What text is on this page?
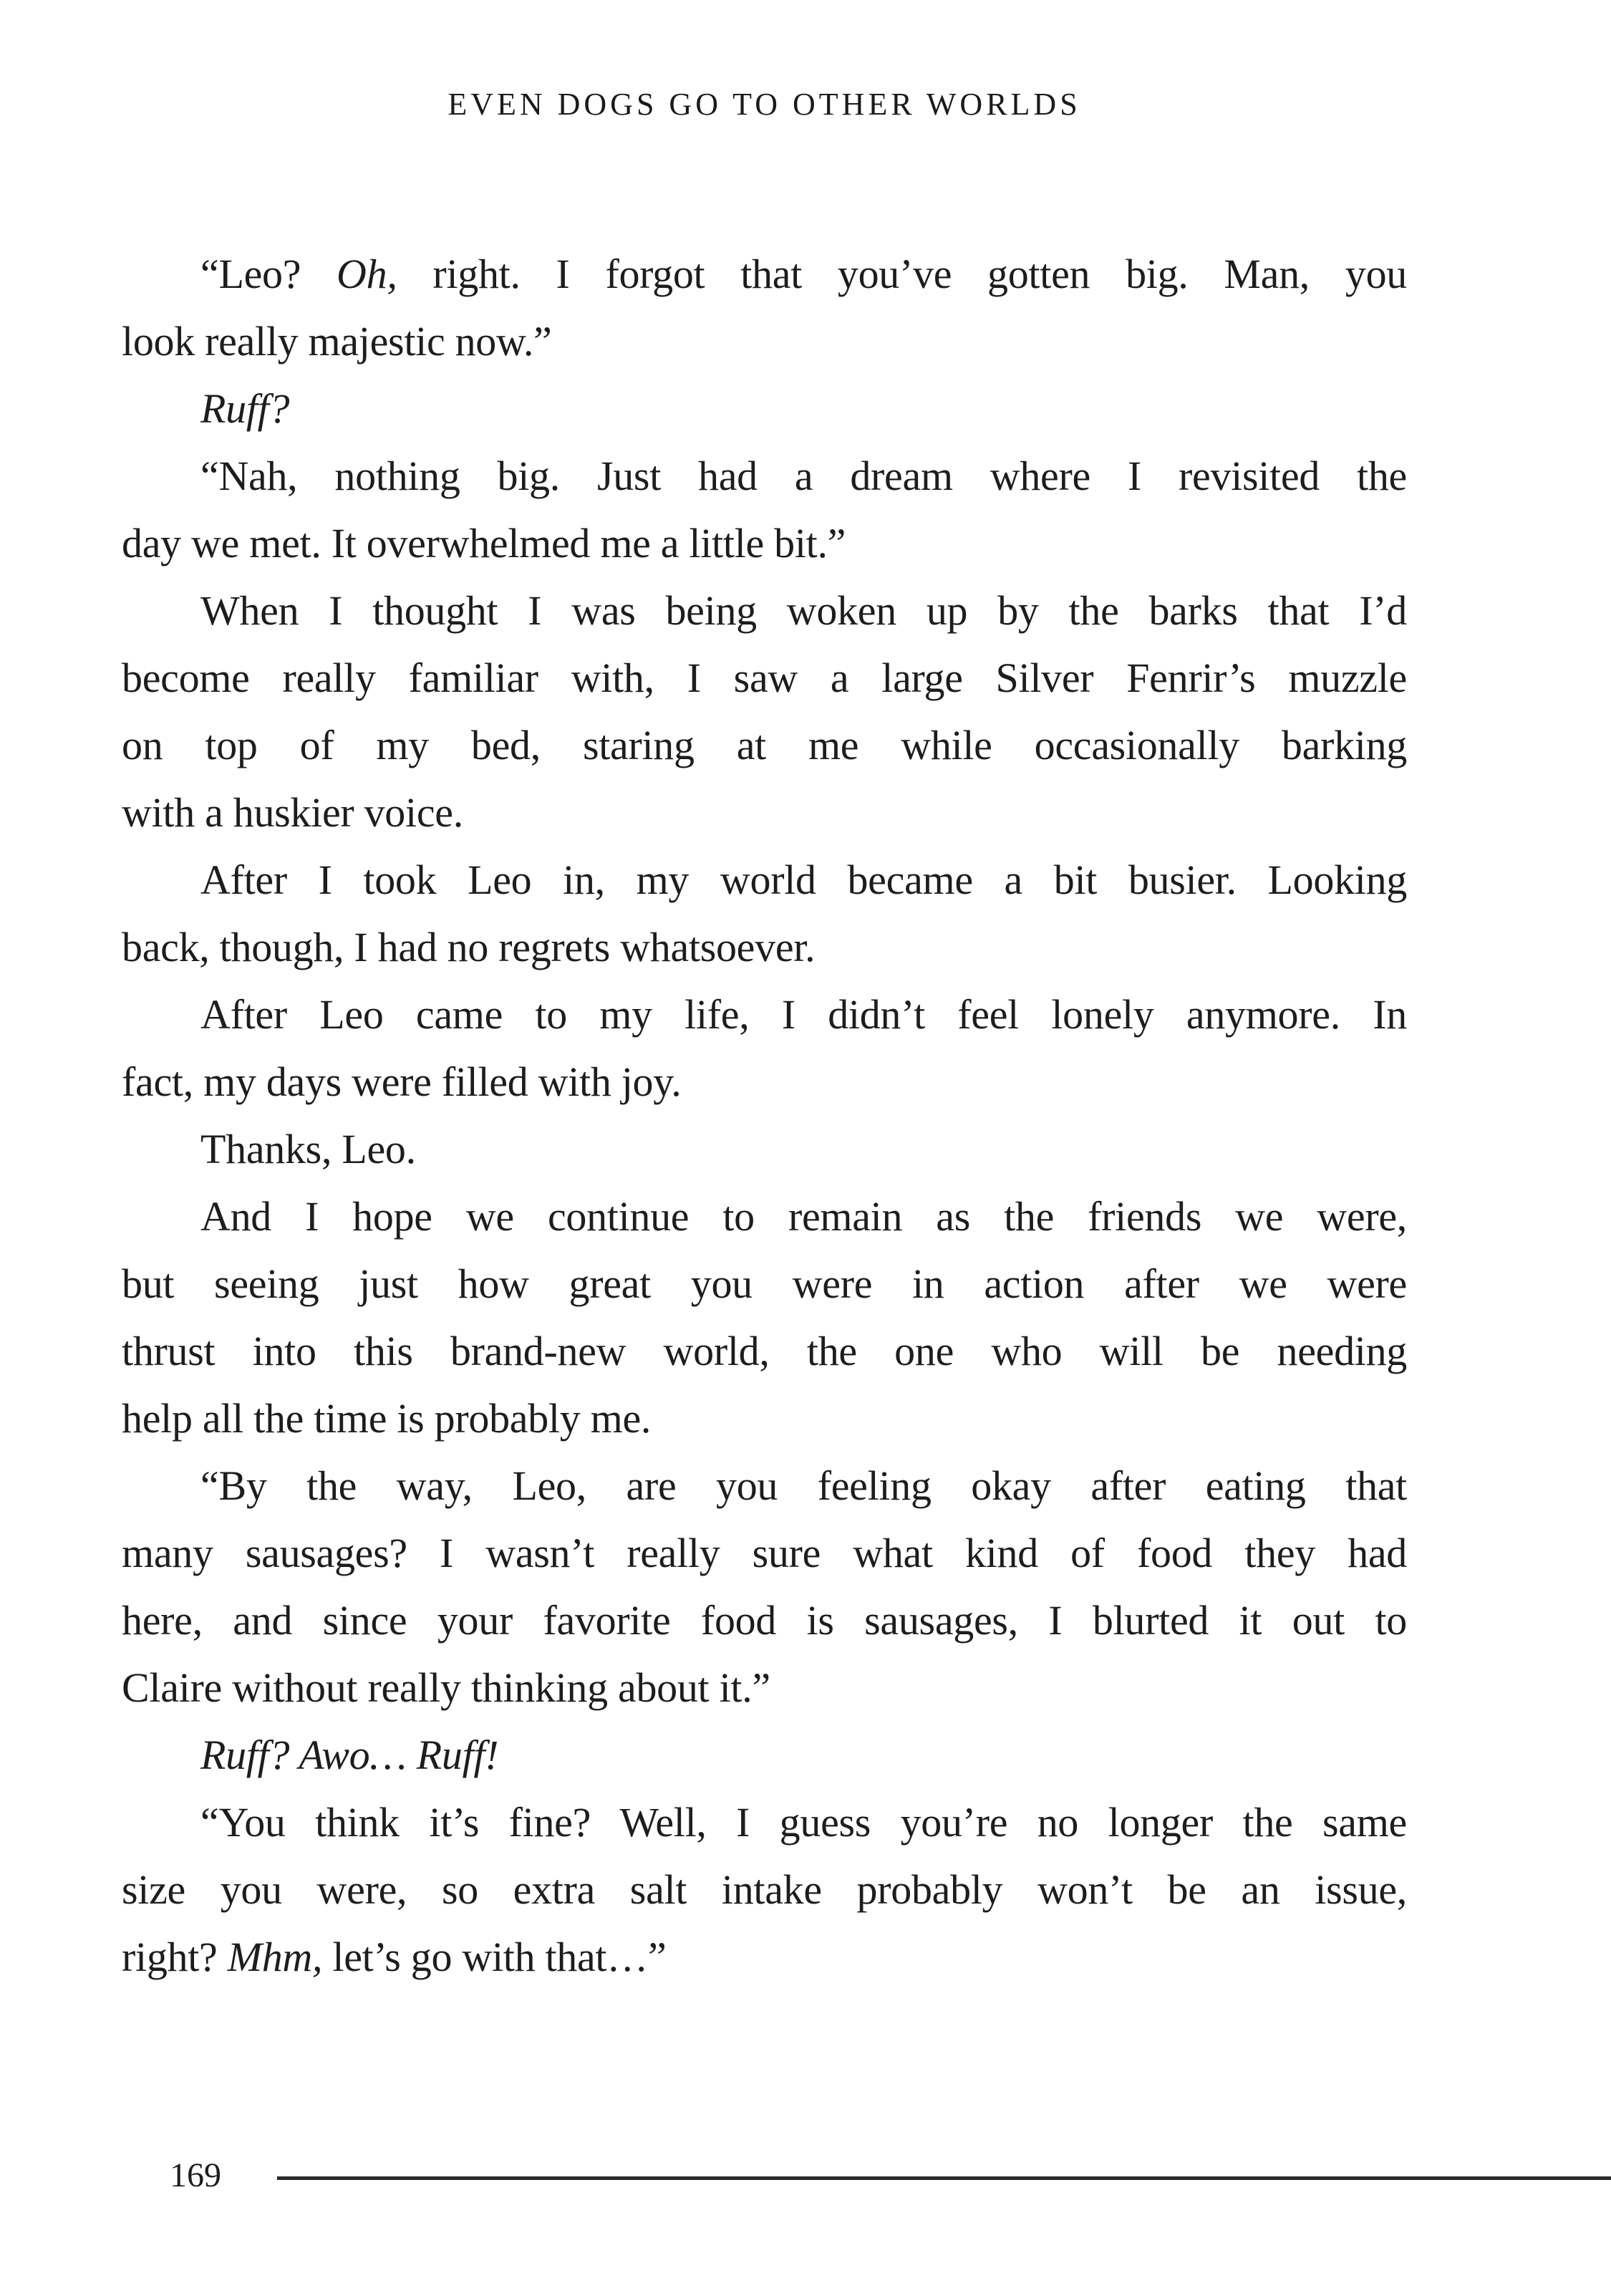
EVEN DOGS GO TO OTHER WORLDS
“Leo? Oh, right. I forgot that you’ve gotten big. Man, you
look really majestic now.”
Ruff?
“Nah, nothing big. Just had a dream where I revisited the
day we met. It overwhelmed me a little bit.”
When I thought I was being woken up by the barks that I’d
become really familiar with, I saw a large Silver Fenrir’s muzzle
on top of my bed, staring at me while occasionally barking
with a huskier voice.
After I took Leo in, my world became a bit busier. Looking
back, though, I had no regrets whatsoever.
After Leo came to my life, I didn’t feel lonely anymore. In
fact, my days were filled with joy.
Thanks, Leo.
And I hope we continue to remain as the friends we were,
but seeing just how great you were in action after we were
thrust into this brand-new world, the one who will be needing
help all the time is probably me.
“By the way, Leo, are you feeling okay after eating that
many sausages? I wasn’t really sure what kind of food they had
here, and since your favorite food is sausages, I blurted it out to
Claire without really thinking about it.”
Ruff? Awo… Ruff!
“You think it’s fine? Well, I guess you’re no longer the same
size you were, so extra salt intake probably won’t be an issue,
right? Mhm, let’s go with that…”
169
